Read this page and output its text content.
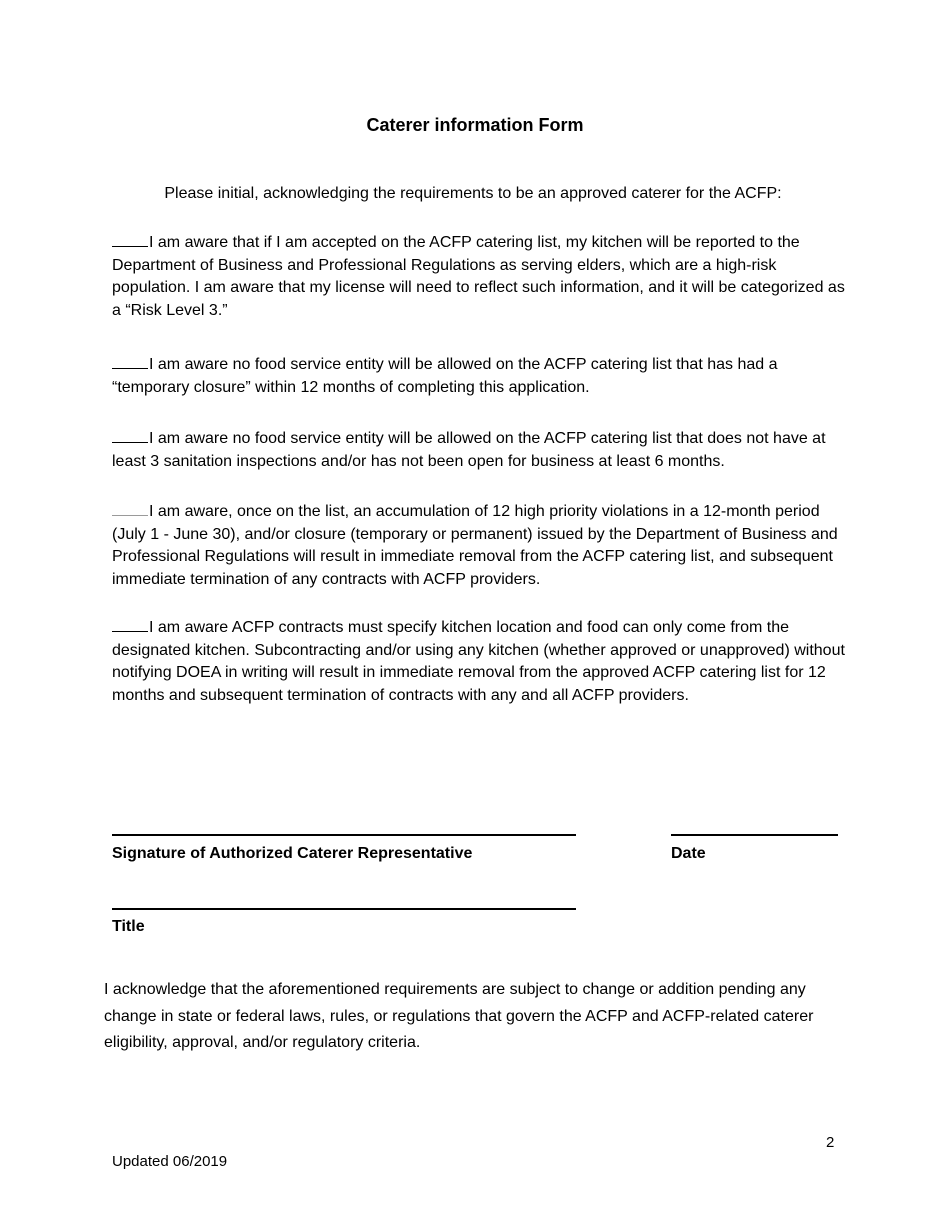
Caterer information Form
Please initial, acknowledging the requirements to be an approved caterer for the ACFP:
I am aware that if I am accepted on the ACFP catering list, my kitchen will be reported to the Department of Business and Professional Regulations as serving elders, which are a high-risk population. I am aware that my license will need to reflect such information, and it will be categorized as a “Risk Level 3.”
I am aware no food service entity will be allowed on the ACFP catering list that has had a “temporary closure” within 12 months of completing this application.
I am aware no food service entity will be allowed on the ACFP catering list that does not have at least 3 sanitation inspections and/or has not been open for business at least 6 months.
I am aware, once on the list, an accumulation of 12 high priority violations in a 12-month period (July 1 - June 30), and/or closure (temporary or permanent) issued by the Department of Business and Professional Regulations will result in immediate removal from the ACFP catering list, and subsequent immediate termination of any contracts with ACFP providers.
I am aware ACFP contracts must specify kitchen location and food can only come from the designated kitchen. Subcontracting and/or using any kitchen (whether approved or unapproved) without notifying DOEA in writing will result in immediate removal from the approved ACFP catering list for 12 months and subsequent termination of contracts with any and all ACFP providers.
Signature of Authorized Caterer Representative	Date
Title
I acknowledge that the aforementioned requirements are subject to change or addition pending any change in state or federal laws, rules, or regulations that govern the ACFP and ACFP-related caterer eligibility, approval, and/or regulatory criteria.
2
Updated 06/2019
